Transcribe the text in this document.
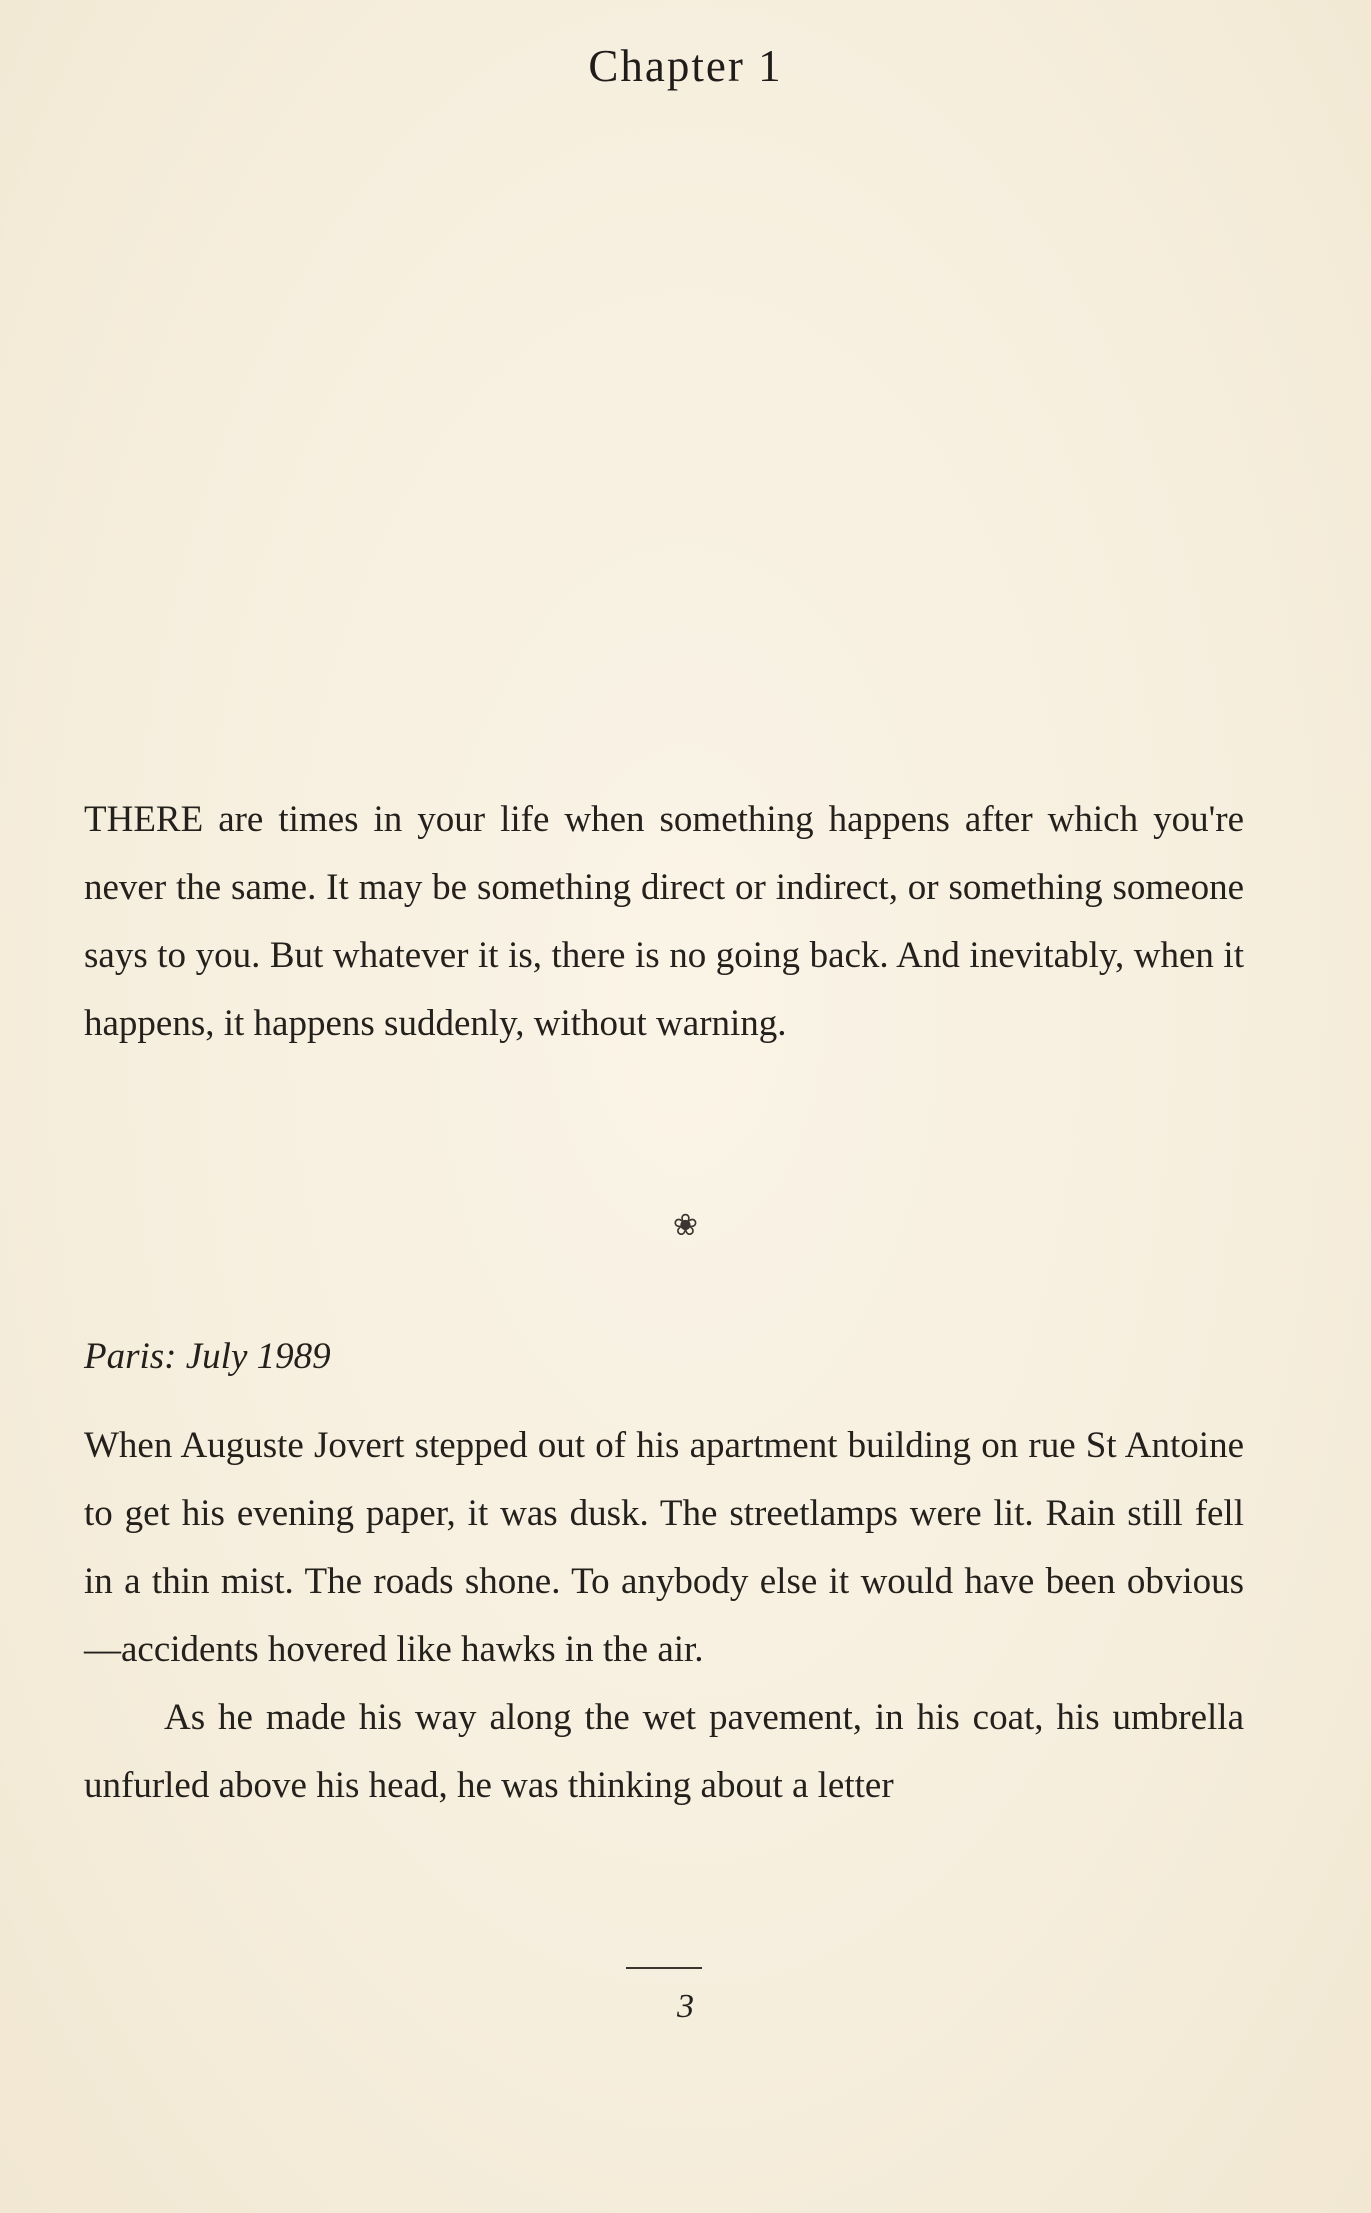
Chapter 1

THERE are times in your life when something happens after which you're never the same. It may be something direct or indirect, or something someone says to you. But whatever it is, there is no going back. And inevitably, when it happens, it happens suddenly, without warning.

❀
Paris: July 1989

When Auguste Jovert stepped out of his apartment building on rue St Antoine to get his evening paper, it was dusk. The streetlamps were lit. Rain still fell in a thin mist. The roads shone. To anybody else it would have been obvious—accidents hovered like hawks in the air.

As he made his way along the wet pavement, in his coat, his umbrella unfurled above his head, he was thinking about a letter

3
